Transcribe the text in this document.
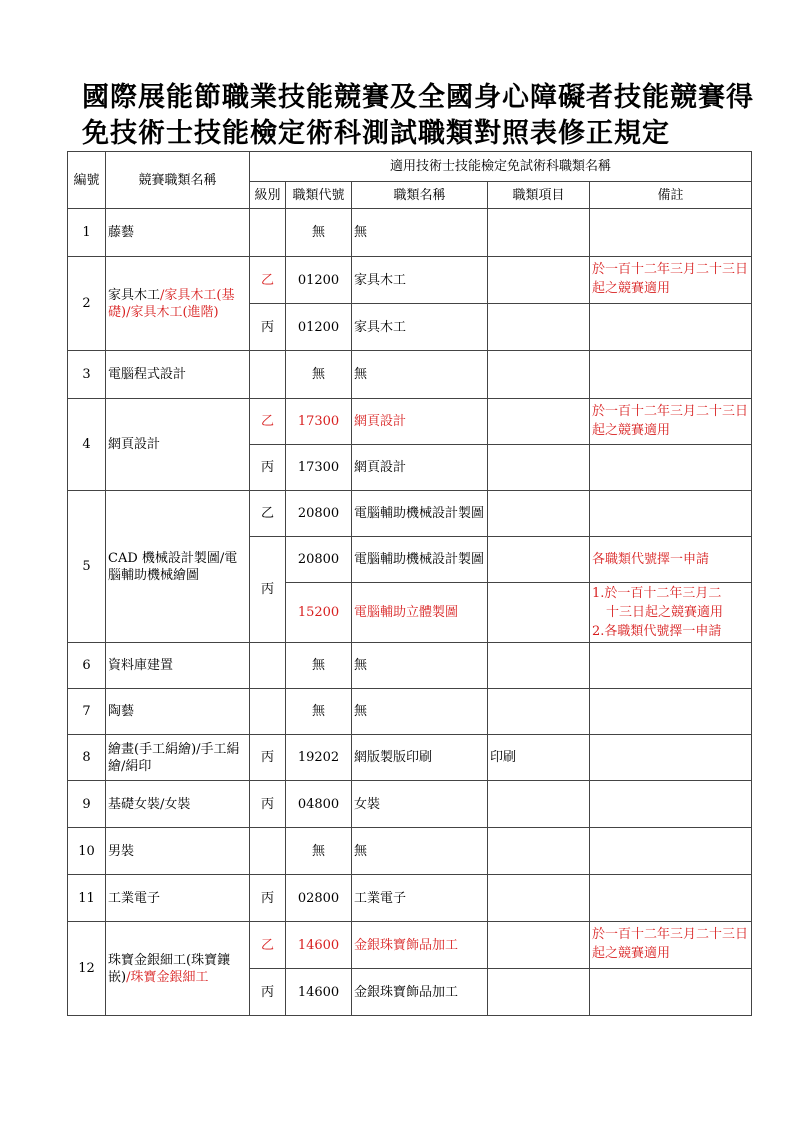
國際展能節職業技能競賽及全國身心障礙者技能競賽得
免技術士技能檢定術科測試職類對照表修正規定
編號	競賽職類名稱	適用技術士技能檢定免試術科職類名稱				
		級別	職類代號	職類名稱	職類項目	備註
1	藤藝		無	無		
2	家具木工/家具木工(基礎)/家具木工(進階)	乙	01200	家具木工		於一百十二年三月二十三日起之競賽適用
		丙	01200	家具木工		
3	電腦程式設計		無	無		
4	網頁設計	乙	17300	網頁設計		於一百十二年三月二十三日起之競賽適用
		丙	17300	網頁設計		
5	CAD 機械設計製圖/電腦輔助機械繪圖	乙	20800	電腦輔助機械設計製圖		
		丙	20800	電腦輔助機械設計製圖		各職類代號擇一申請
			15200	電腦輔助立體製圖		1.於一百十二年三月二
十三日起之競賽適用
2.各職類代號擇一申請

6	資料庫建置		無	無		
7	陶藝		無	無		
8	繪畫(手工絹繪)/手工絹繪/絹印	丙	19202	網版製版印刷	印刷	
9	基礎女裝/女裝	丙	04800	女裝		
10	男裝		無	無		
11	工業電子	丙	02800	工業電子		
12	珠寶金銀細工(珠寶鑲嵌)/珠寶金銀細工	乙	14600	金銀珠寶飾品加工		於一百十二年三月二十三日起之競賽適用
		丙	14600	金銀珠寶飾品加工		
